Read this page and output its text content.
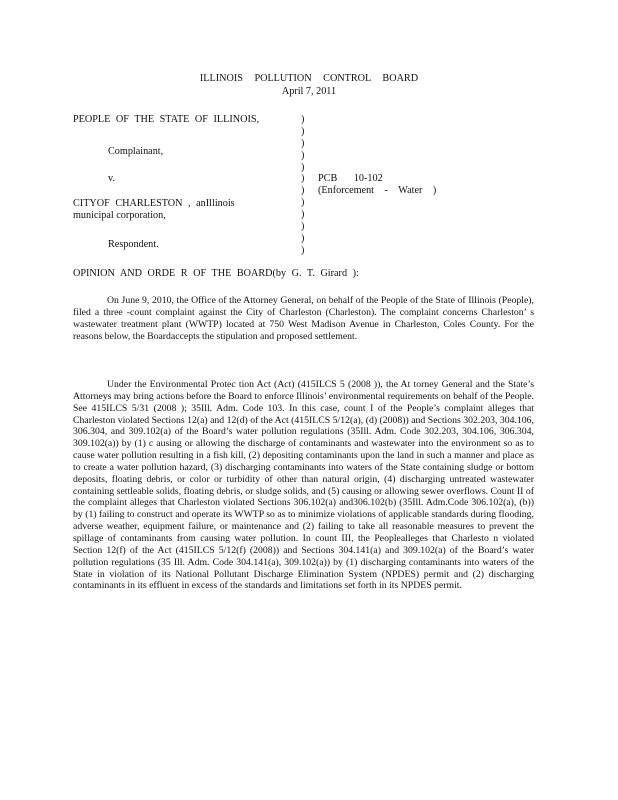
ILLINOIS POLLUTION CONTROL BOARD
April 7, 2011
PEOPLE OF THE STATE OF ILLINOIS,
Complainant,
v.
CITYOF CHARLESTON , anIllinois
municipal corporation,
Respondent.
PCB 10-102
(Enforcement - Water )
)
)
)
)
)
)
)
)
)
)
)
)
OPINION AND ORDE R OF THE BOARD(by G. T. Girard ):

On June 9, 2010, the Office of the Attorney General, on behalf of the People of the State of Illinois (People), filed a three -count complaint against the City of Charleston (Charleston). The complaint concerns Charleston’ s wastewater treatment plant (WWTP) located at 750 West Madison Avenue in Charleston, Coles County. For the reasons below, the Boardaccepts the stipulation and proposed settlement.

Under the Environmental Protec tion Act (Act) (415ILCS 5 (2008 )), the At torney General and the State’s Attorneys may bring actions before the Board to enforce Illinois’ environmental requirements on behalf of the People. See 415ILCS 5/31 (2008 ); 35Ill. Adm. Code 103. In this case, count I of the People’s complaint alleges that Charleston violated Sections 12(a) and 12(d) of the Act (415ILCS 5/12(a), (d) (2008)) and Sections 302.203, 304.106, 306.304, and 309.102(a) of the Board’s water pollution regulations (35Ill. Adm. Code 302.203, 304.106, 306.304, 309.102(a)) by (1) c ausing or allowing the discharge of contaminants and wastewater into the environment so as to cause water pollution resulting in a fish kill, (2) depositing contaminants upon the land in such a manner and place as to create a water pollution hazard, (3) discharging contaminants into waters of the State containing sludge or bottom deposits, floating debris, or color or turbidity of other than natural origin, (4) discharging untreated wastewater containing settleable solids, floating debris, or sludge solids, and (5) causing or allowing sewer overflows. Count II of the complaint alleges that Charleston violated Sections 306.102(a) and306.102(b) (35Ill. Adm.Code 306.102(a), (b)) by (1) failing to construct and operate its WWTP so as to minimize violations of applicable standards during flooding, adverse weather, equipment failure, or maintenance and (2) failing to take all reasonable measures to prevent the spillage of contaminants from causing water pollution. In count III, the Peoplealleges that Charlesto n violated Section 12(f) of the Act (415ILCS 5/12(f) (2008)) and Sections 304.141(a) and 309.102(a) of the Board’s water pollution regulations (35 Ill. Adm. Code 304.141(a), 309.102(a)) by (1) discharging contaminants into waters of the State in violation of its National Pollutant Discharge Elimination System (NPDES) permit and (2) discharging contaminants in its effluent in excess of the standards and limitations set forth in its NPDES permit.
